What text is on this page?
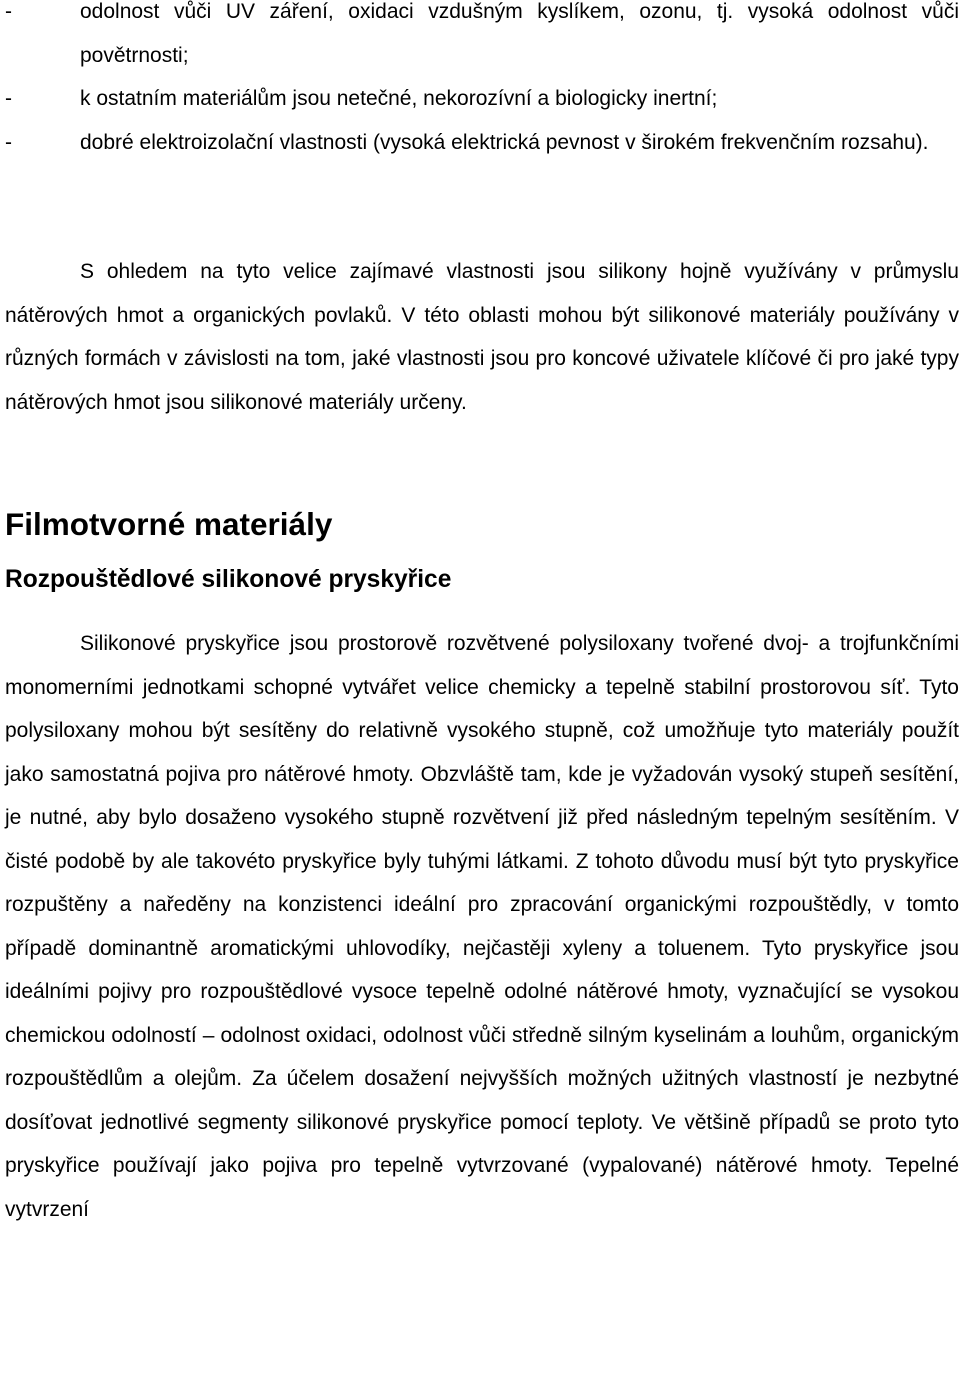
-	odolnost vůči UV záření, oxidaci vzdušným kyslíkem, ozonu, tj. vysoká odolnost vůči povětrnosti;
-	k ostatním materiálům jsou netečné, nekorozívní a biologicky inertní;
-	dobré elektroizolační vlastnosti (vysoká elektrická pevnost v širokém frekvenčním rozsahu).

S ohledem na tyto velice zajímavé vlastnosti jsou silikony hojně využívány v průmyslu nátěrových hmot a organických povlaků. V této oblasti mohou být silikonové materiály používány v různých formách v závislosti na tom, jaké vlastnosti jsou pro koncové uživatele klíčové či pro jaké typy nátěrových hmot jsou silikonové materiály určeny.

Filmotvorné materiály
Rozpouštědlové silikonové pryskyřice

Silikonové pryskyřice jsou prostorově rozvětvené polysiloxany tvořené dvoj- a trojfunkčními monomerními jednotkami schopné vytvářet velice chemicky a tepelně stabilní prostorovou síť. Tyto polysiloxany mohou být sesítěny do relativně vysokého stupně, což umožňuje tyto materiály použít jako samostatná pojiva pro nátěrové hmoty. Obzvláště tam, kde je vyžadován vysoký stupeň sesítění, je nutné, aby bylo dosaženo vysokého stupně rozvětvení již před následným tepelným sesítěním. V čisté podobě by ale takovéto pryskyřice byly tuhými látkami. Z tohoto důvodu musí být tyto pryskyřice rozpuštěny a naředěny na konzistenci ideální pro zpracování organickými rozpouštědly, v tomto případě dominantně aromatickými uhlovodíky, nejčastěji xyleny a toluenem. Tyto pryskyřice jsou ideálními pojivy pro rozpouštědlové vysoce tepelně odolné nátěrové hmoty, vyznačující se vysokou chemickou odolností – odolnost oxidaci, odolnost vůči středně silným kyselinám a louhům, organickým rozpouštědlům a olejům. Za účelem dosažení nejvyšších možných užitných vlastností je nezbytné dosíťovat jednotlivé segmenty silikonové pryskyřice pomocí teploty. Ve většině případů se proto tyto pryskyřice používají jako pojiva pro tepelně vytvrzované (vypalované) nátěrové hmoty. Tepelné vytvrzení
